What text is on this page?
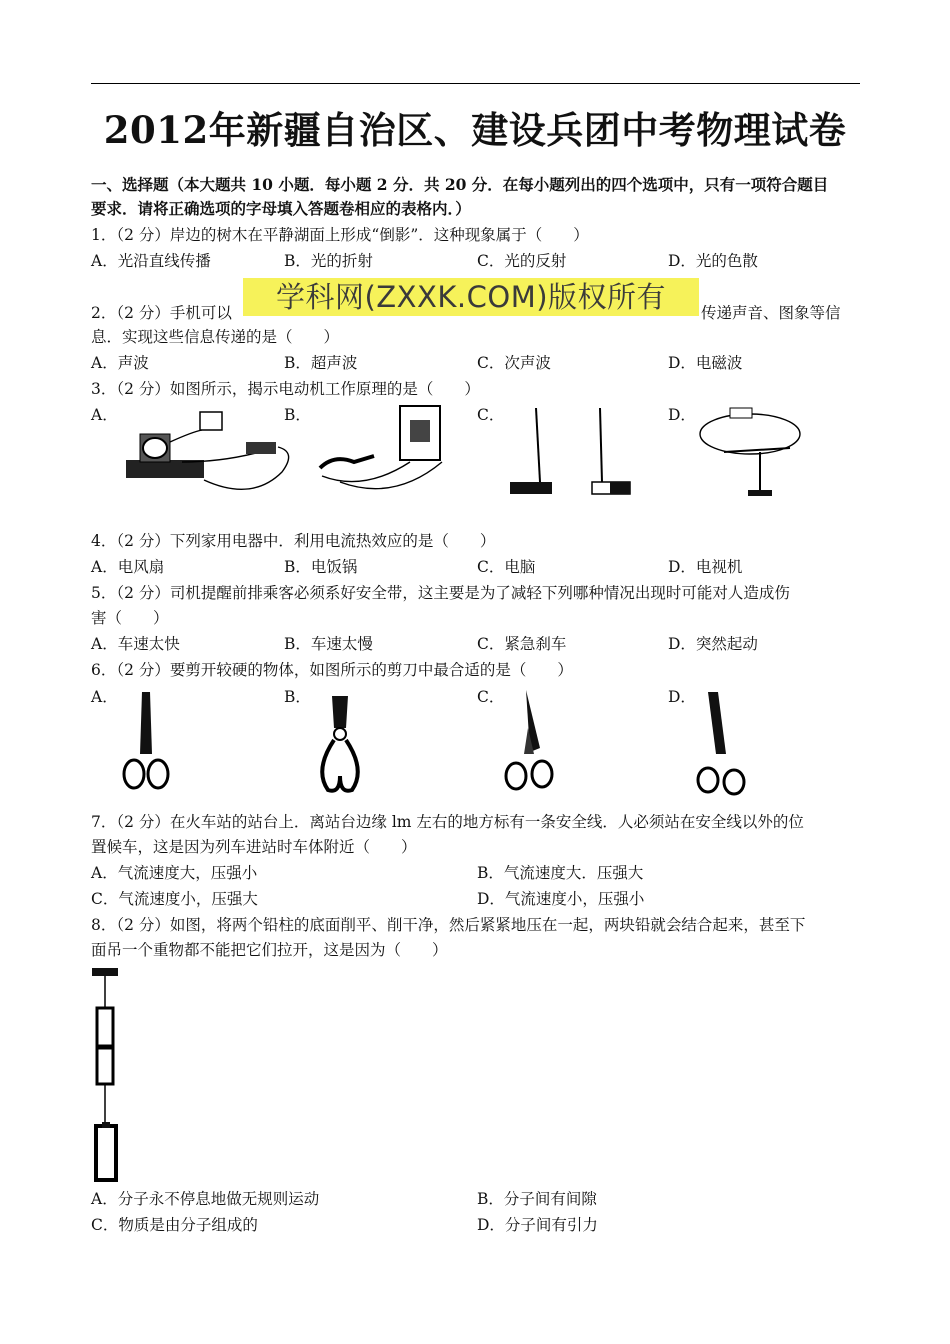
2012年新疆自治区、建设兵团中考物理试卷
一、选择题（本大题共 10 小题．每小题 2 分．共 20 分．在每小题列出的四个选项中，只有一项符合题目
要求．请将正确选项的字母填入答题卷相应的表格内．）
1．（2 分）岸边的树木在平静湖面上形成“倒影”．这种现象属于（　　）
A．光沿直线传播	B．光的折射	C．光的反射	D．光的色散
2．（2 分）手机可以	传递声音、图象等信
息．实现这些信息传递的是（　　）
A．声波	B．超声波	C．次声波	D．电磁波
学科网(ZXXK.COM)版权所有
3．（2 分）如图所示，揭示电动机工作原理的是（　　）
A．	B．	C．	D．
4．（2 分）下列家用电器中．利用电流热效应的是（　　）
A．电风扇	B．电饭锅	C．电脑	D．电视机
5．（2 分）司机提醒前排乘客必须系好安全带，这主要是为了减轻下列哪种情况出现时可能对人造成伤
害（　　）
A．车速太快	B．车速太慢	C．紧急刹车	D．突然起动
6．（2 分）要剪开较硬的物体，如图所示的剪刀中最合适的是（　　）
A．	B．	C．	D．
7．（2 分）在火车站的站台上．离站台边缘 lm 左右的地方标有一条安全线．人必须站在安全线以外的位
置候车，这是因为列车进站时车体附近（　　）
A．气流速度大，压强小	B．气流速度大．压强大
C．气流速度小，压强大	D．气流速度小，压强小
8．（2 分）如图，将两个铅柱的底面削平、削干净，然后紧紧地压在一起，两块铅就会结合起来，甚至下
面吊一个重物都不能把它们拉开，这是因为（　　）
A．分子永不停息地做无规则运动	B．分子间有间隙
C．物质是由分子组成的	D．分子间有引力
